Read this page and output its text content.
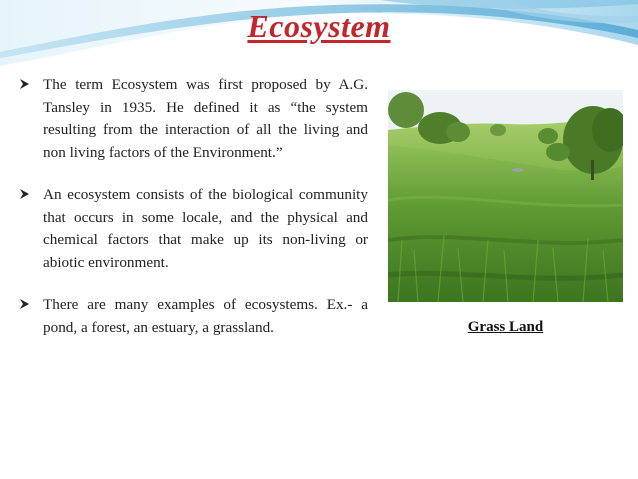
Ecosystem
The term Ecosystem was first proposed by A.G. Tansley in 1935. He defined it as “the system resulting from the interaction of all the living and non living factors of the Environment.”
An ecosystem consists of the biological community that occurs in some locale, and the physical and chemical factors that make up its non-living or abiotic environment.
There are many examples of ecosystems. Ex.- a pond, a forest, an estuary, a grassland.	Grass Land
